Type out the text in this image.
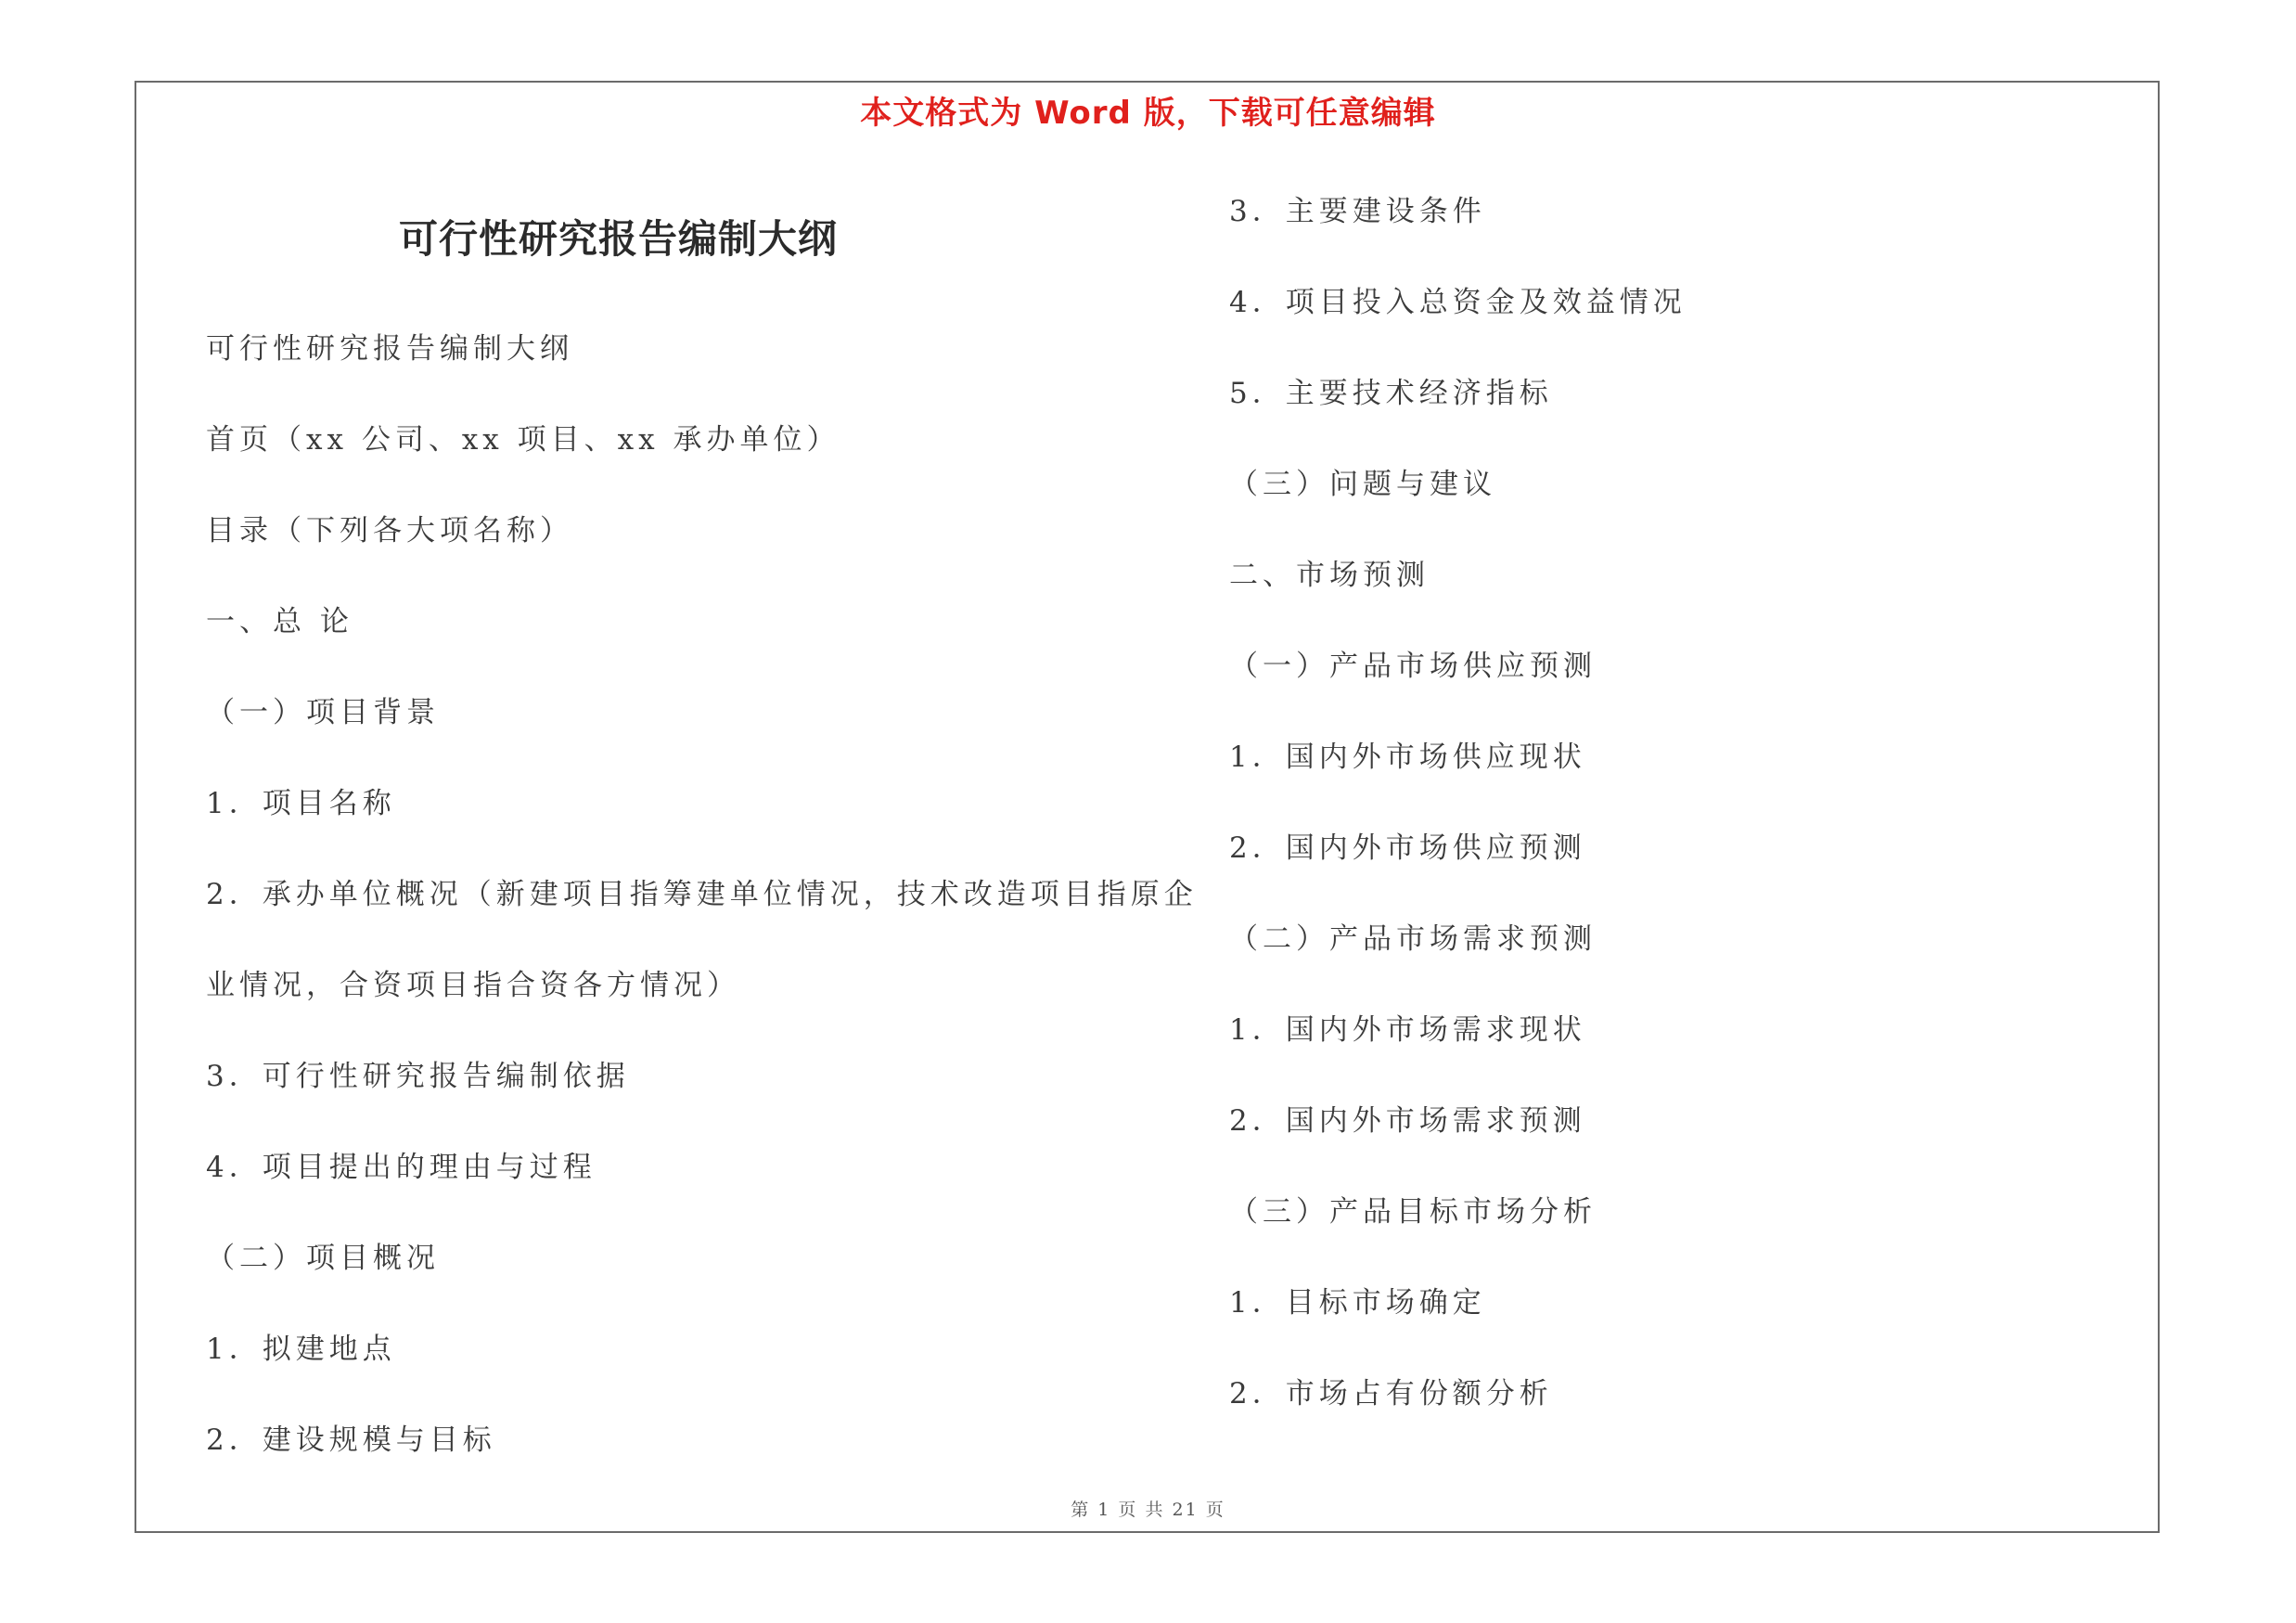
本文格式为 Word 版，下载可任意编辑
可行性研究报告编制大纲
可行性研究报告编制大纲
首页（xx 公司、xx 项目、xx 承办单位）
目录（下列各大项名称）
一、总 论
（一）项目背景
1．项目名称
2．承办单位概况（新建项目指筹建单位情况，技术改造项目指原企
业情况，合资项目指合资各方情况）
3．可行性研究报告编制依据
4．项目提出的理由与过程
（二）项目概况
1．拟建地点
2．建设规模与目标
3．主要建设条件
4．项目投入总资金及效益情况
5．主要技术经济指标
（三）问题与建议
二、市场预测
（一）产品市场供应预测
1．国内外市场供应现状
2．国内外市场供应预测
（二）产品市场需求预测
1．国内外市场需求现状
2．国内外市场需求预测
（三）产品目标市场分析
1．目标市场确定
2．市场占有份额分析
第 1 页 共 21 页
